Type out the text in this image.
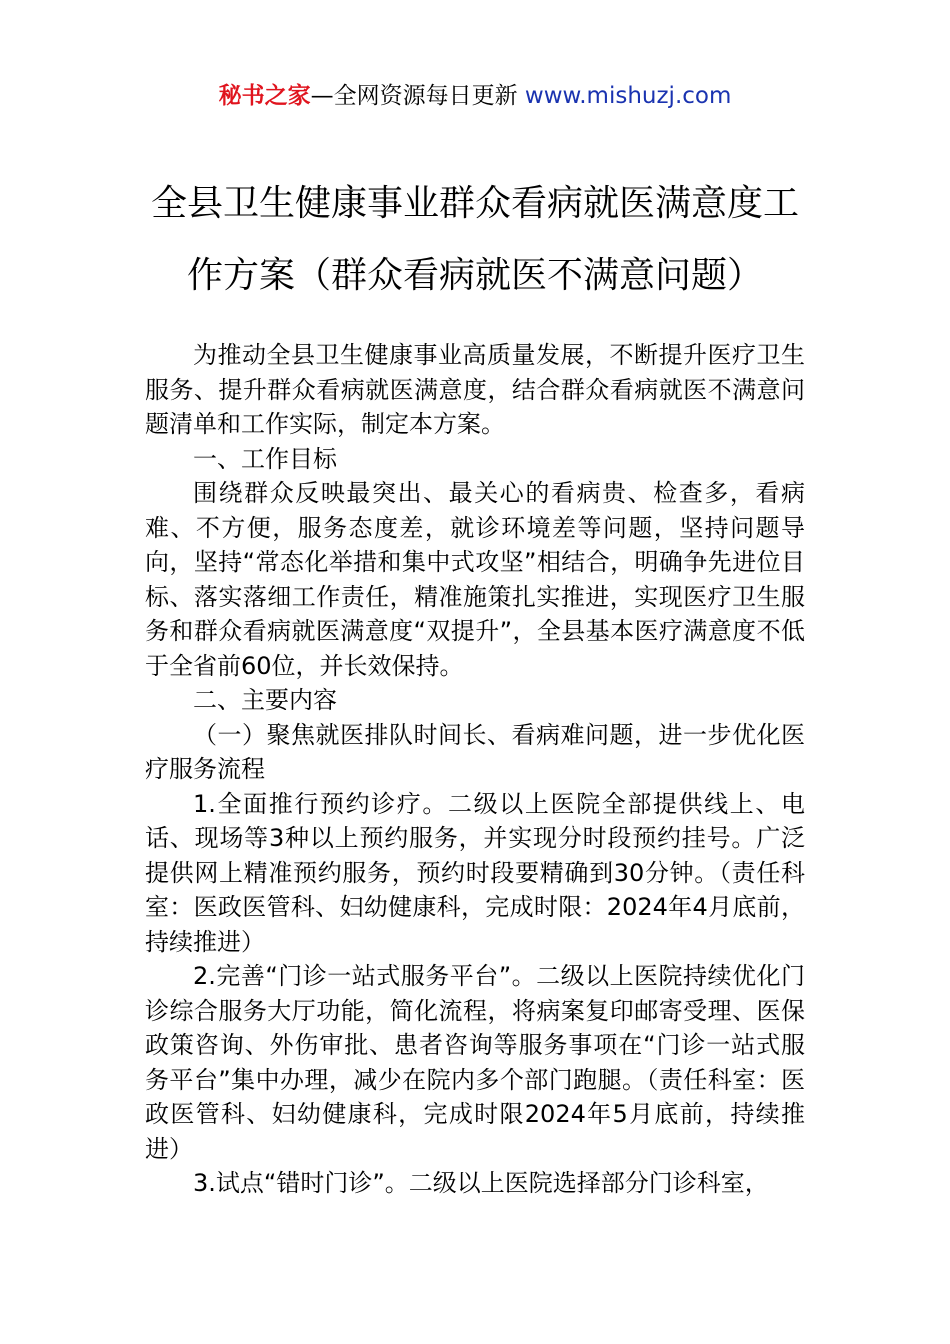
秘书之家—全网资源每日更新 www.mishuzj.com
全县卫生健康事业群众看病就医满意度工作方案（群众看病就医不满意问题）

为推动全县卫生健康事业高质量发展，不断提升医疗卫生服务、提升群众看病就医满意度，结合群众看病就医不满意问题清单和工作实际，制定本方案。

一、工作目标

围绕群众反映最突出、最关心的看病贵、检查多，看病难、不方便，服务态度差，就诊环境差等问题，坚持问题导向，坚持“常态化举措和集中式攻坚”相结合，明确争先进位目标、落实落细工作责任，精准施策扎实推进，实现医疗卫生服务和群众看病就医满意度“双提升”，全县基本医疗满意度不低于全省前60位，并长效保持。

二、主要内容

（一）聚焦就医排队时间长、看病难问题，进一步优化医疗服务流程

1.全面推行预约诊疗。二级以上医院全部提供线上、电话、现场等3种以上预约服务，并实现分时段预约挂号。广泛提供网上精准预约服务，预约时段要精确到30分钟。（责任科室：医政医管科、妇幼健康科，完成时限：2024年4月底前，持续推进）

2.完善“门诊一站式服务平台”。二级以上医院持续优化门诊综合服务大厅功能，简化流程，将病案复印邮寄受理、医保政策咨询、外伤审批、患者咨询等服务事项在“门诊一站式服务平台”集中办理，减少在院内多个部门跑腿。（责任科室：医政医管科、妇幼健康科，完成时限2024年5月底前，持续推进）

3.试点“错时门诊”。二级以上医院选择部分门诊科室，
